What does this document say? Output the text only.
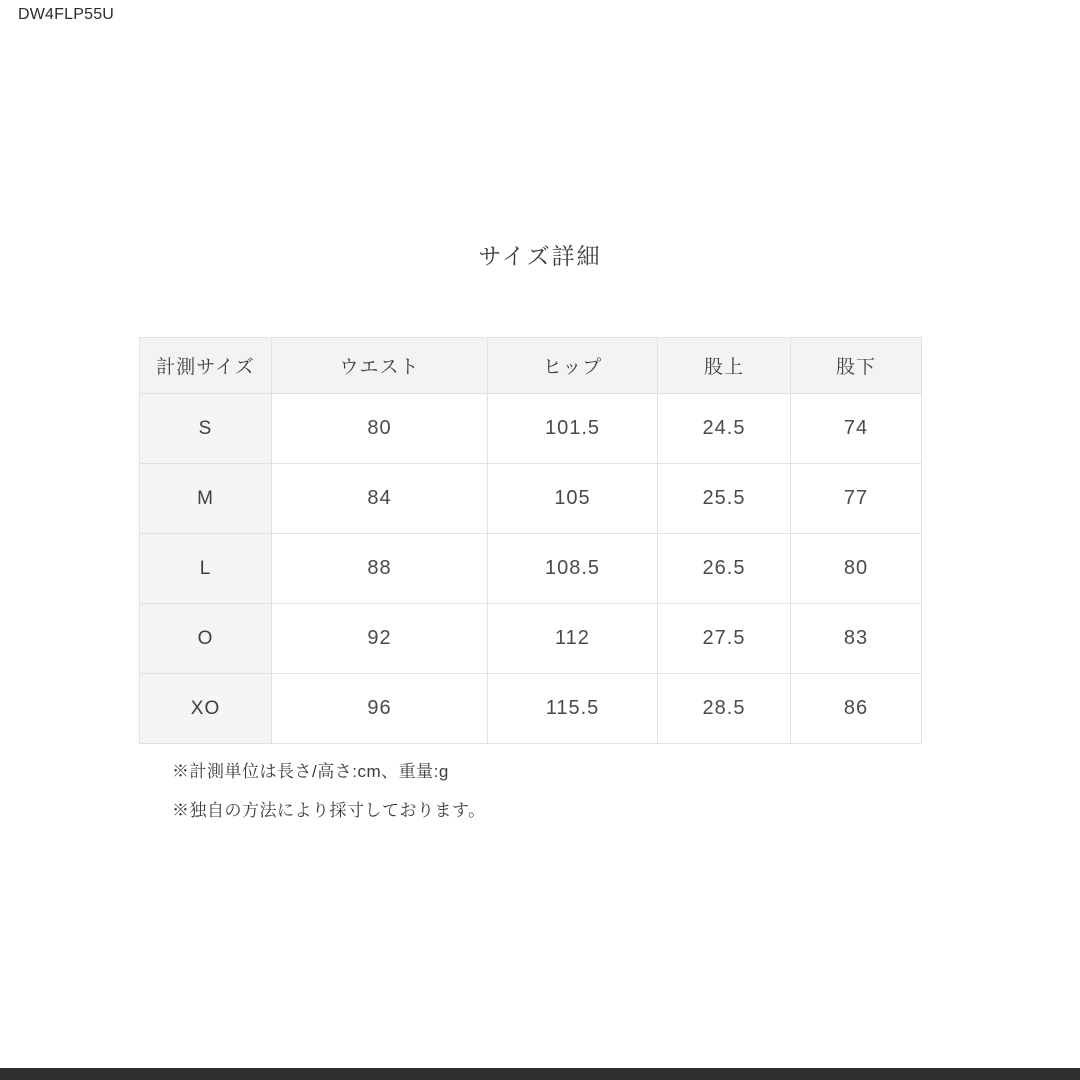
DW4FLP55U
サイズ詳細
計測サイズ	ウエスト	ヒップ	股上	股下
S	80	101.5	24.5	74
M	84	105	25.5	77
L	88	108.5	26.5	80
O	92	112	27.5	83
XO	96	115.5	28.5	86
※計測単位は長さ/高さ:cm、重量:g
※独自の方法により採寸しております。
